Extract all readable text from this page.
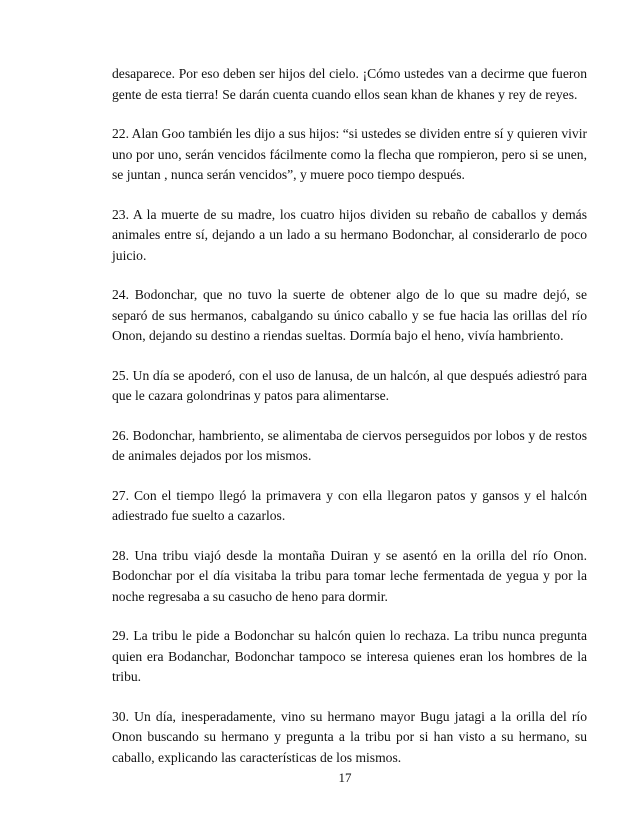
desaparece. Por eso deben ser hijos del cielo. ¡Cómo ustedes van a decirme que fueron gente de esta tierra! Se darán cuenta cuando ellos sean khan de khanes y rey de reyes.

22. Alan Goo también les dijo a sus hijos: “si ustedes se dividen entre sí y quieren vivir uno por uno, serán vencidos fácilmente como la flecha que rompieron, pero si se unen, se juntan , nunca serán vencidos”, y muere poco tiempo después.

23. A la muerte de su madre, los cuatro hijos dividen su rebaño de caballos y demás animales entre sí, dejando a un lado a su hermano Bodonchar, al considerarlo de poco juicio.

24. Bodonchar, que no tuvo la suerte de obtener algo de lo que su madre dejó, se separó de sus hermanos, cabalgando su único caballo y se fue hacia las orillas del río Onon, dejando su destino a riendas sueltas. Dormía bajo el heno, vivía hambriento.

25. Un día se apoderó, con el uso de lanusa, de un halcón, al que después adiestró para que le cazara golondrinas y patos para alimentarse.

26. Bodonchar, hambriento, se alimentaba de ciervos perseguidos por lobos y de restos de animales dejados por los mismos.

27. Con el tiempo llegó la primavera y con ella llegaron patos y gansos y el halcón adiestrado fue suelto a cazarlos.

28. Una tribu viajó desde la montaña Duiran y se asentó en la orilla del río Onon. Bodonchar por el día visitaba la tribu para tomar leche fermentada de yegua y por la noche regresaba a su casucho de heno para dormir.

29. La tribu le pide a Bodonchar su halcón quien lo rechaza. La tribu nunca pregunta quien era Bodanchar, Bodonchar tampoco se interesa quienes eran los hombres de la tribu.

30. Un día, inesperadamente, vino su hermano mayor Bugu jatagi a la orilla del río Onon buscando su hermano y pregunta a la tribu por si han visto a su hermano, su caballo, explicando las características de los mismos.

17
